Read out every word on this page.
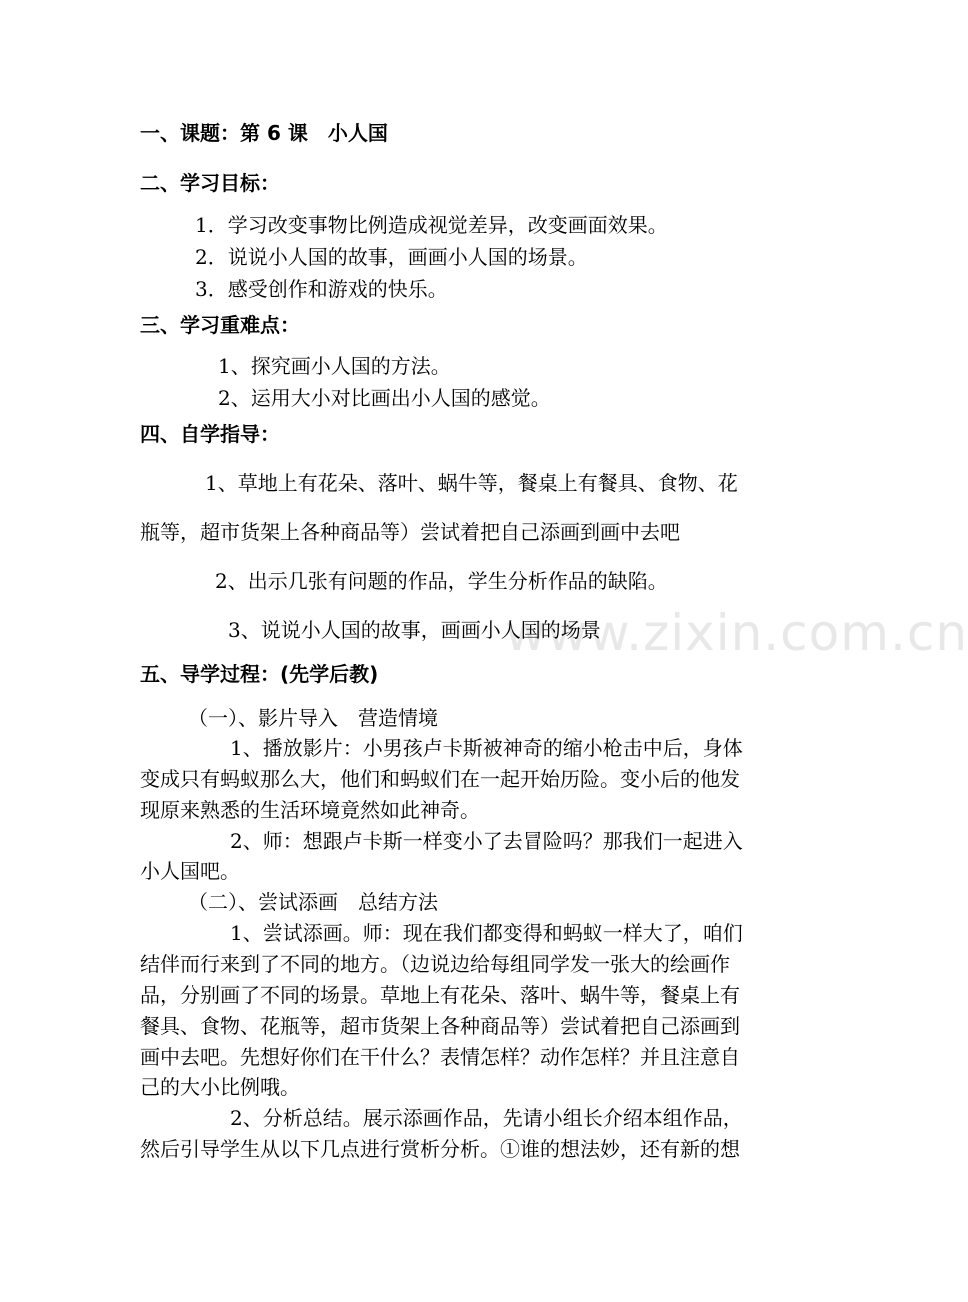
www.zixin.com.cn
一、课题：第 6 课　小人国
二、学习目标：
1．学习改变事物比例造成视觉差异，改变画面效果。
2．说说小人国的故事，画画小人国的场景。
3．感受创作和游戏的快乐。
三、学习重难点：
1、探究画小人国的方法。
2、运用大小对比画出小人国的感觉。
四、自学指导：
1、草地上有花朵、落叶、蜗牛等，餐桌上有餐具、食物、花
瓶等，超市货架上各种商品等）尝试着把自己添画到画中去吧
2、出示几张有问题的作品，学生分析作品的缺陷。
3、说说小人国的故事，画画小人国的场景
五、导学过程：(先学后教)
（一）、影片导入　营造情境
1、播放影片：小男孩卢卡斯被神奇的缩小枪击中后，身体
变成只有蚂蚁那么大，他们和蚂蚁们在一起开始历险。变小后的他发
现原来熟悉的生活环境竟然如此神奇。
2、师：想跟卢卡斯一样变小了去冒险吗？那我们一起进入
小人国吧。
（二）、尝试添画　总结方法
1、尝试添画。师：现在我们都变得和蚂蚁一样大了，咱们
结伴而行来到了不同的地方。（边说边给每组同学发一张大的绘画作
品，分别画了不同的场景。草地上有花朵、落叶、蜗牛等，餐桌上有
餐具、食物、花瓶等，超市货架上各种商品等）尝试着把自己添画到
画中去吧。先想好你们在干什么？表情怎样？动作怎样？并且注意自
己的大小比例哦。
2、分析总结。展示添画作品，先请小组长介绍本组作品，
然后引导学生从以下几点进行赏析分析。①谁的想法妙，还有新的想
